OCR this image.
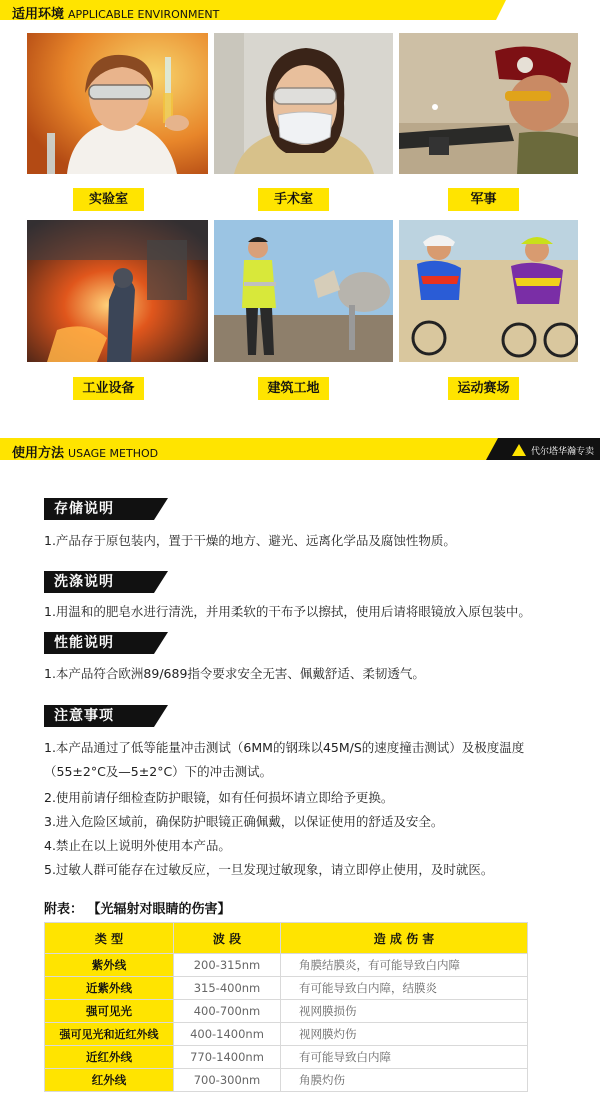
适用环境 APPLICABLE ENVIRONMENT
实验室	手术室	军事
工业设备	建筑工地	运动赛场
使用方法 USAGE METHOD	代尔塔华瀚专卖
存储说明
1.产品存于原包装内，置于干燥的地方、避光、远离化学品及腐蚀性物质。
洗涤说明
1.用温和的肥皂水进行清洗，并用柔软的干布予以擦拭，使用后请将眼镜放入原包装中。
性能说明
1.本产品符合欧洲89/689指令要求安全无害、佩戴舒适、柔韧透气。
注意事项
1.本产品通过了低等能量冲击测试（6MM的钢珠以45M/S的速度撞击测试）及极度温度
（55±2°C及—5±2°C）下的冲击测试。
2.使用前请仔细检查防护眼镜，如有任何损坏请立即给予更换。
3.进入危险区域前，确保防护眼镜正确佩戴，以保证使用的舒适及安全。
4.禁止在以上说明外使用本产品。
5.过敏人群可能存在过敏反应，一旦发现过敏现象，请立即停止使用，及时就医。
附表： 【光辐射对眼睛的伤害】
类 型	波 段	造 成 伤 害
紫外线	200-315nm	角膜结膜炎，有可能导致白内障
近紫外线	315-400nm	有可能导致白内障，结膜炎
强可见光	400-700nm	视网膜损伤
强可见光和近红外线	400-1400nm	视网膜灼伤
近红外线	770-1400nm	有可能导致白内障
红外线	700-300nm	角膜灼伤
